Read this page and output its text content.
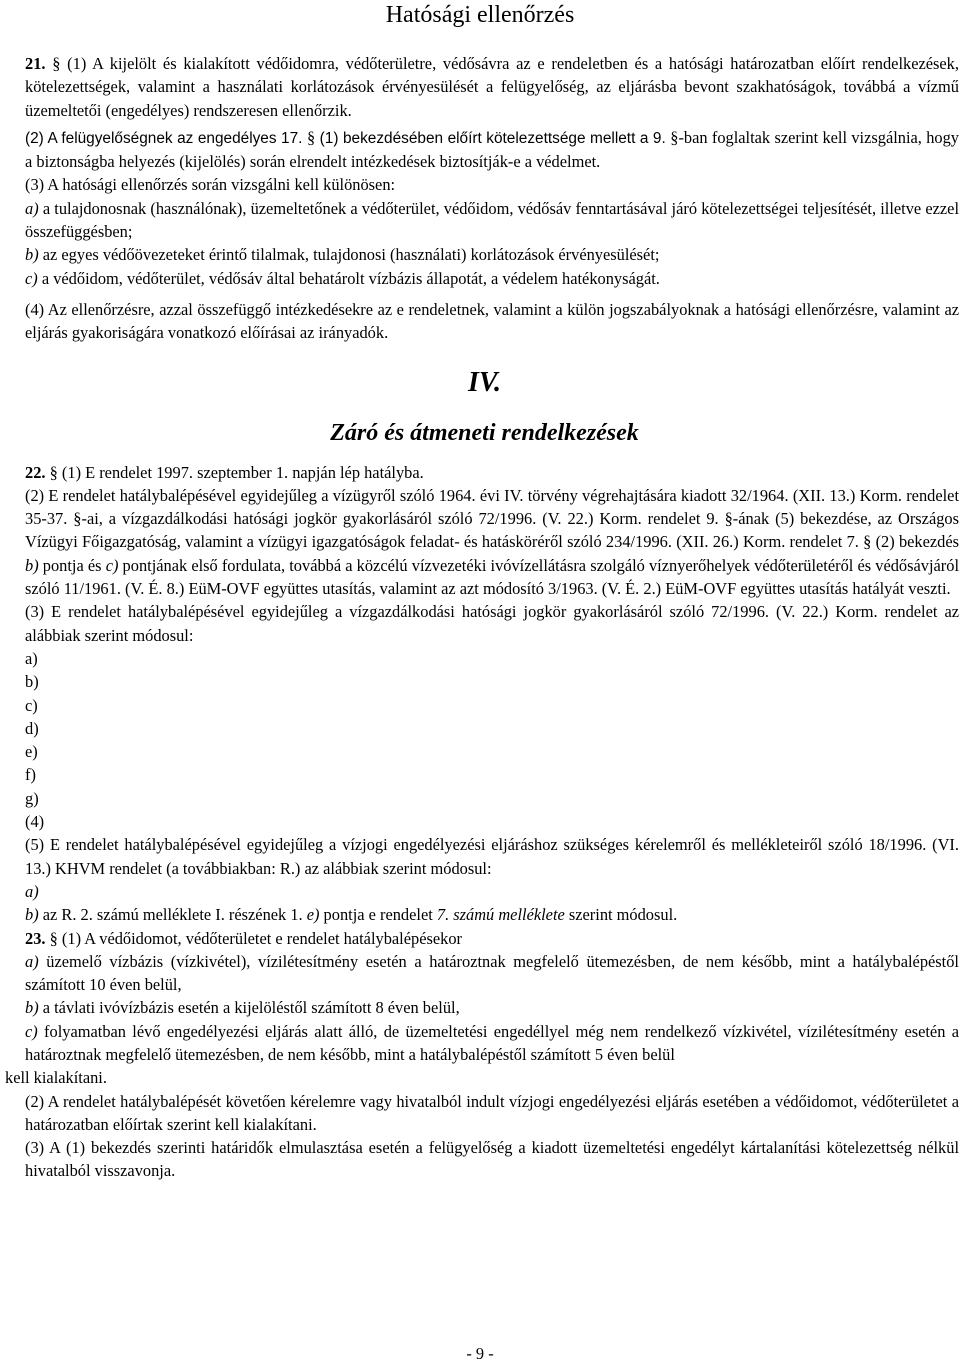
Hatósági ellenőrzés

21. § (1) A kijelölt és kialakított védőidomra, védőterületre, védősávra az e rendeletben és a hatósági határozatban előírt rendelkezések, kötelezettségek, valamint a használati korlátozások érvényesülését a felügyelőség, az eljárásba bevont szakhatóságok, továbbá a vízmű üzemeltetői (engedélyes) rendszeresen ellenőrzik.

(2) A felügyelőségnek az engedélyes 17. § (1) bekezdésében előírt kötelezettsége mellett a 9. §-ban foglaltak szerint kell vizsgálnia, hogy a biztonságba helyezés (kijelölés) során elrendelt intézkedések biztosítják-e a védelmet.

(3) A hatósági ellenőrzés során vizsgálni kell különösen:

a) a tulajdonosnak (használónak), üzemeltetőnek a védőterület, védőidom, védősáv fenntartásával járó kötelezettségei teljesítését, illetve ezzel összefüggésben;

b) az egyes védőövezeteket érintő tilalmak, tulajdonosi (használati) korlátozások érvényesülését;

c) a védőidom, védőterület, védősáv által behatárolt vízbázis állapotát, a védelem hatékonyságát.

(4) Az ellenőrzésre, azzal összefüggő intézkedésekre az e rendeletnek, valamint a külön jogszabályoknak a hatósági ellenőrzésre, valamint az eljárás gyakoriságára vonatkozó előírásai az irányadók.

IV.
Záró és átmeneti rendelkezések

22. § (1) E rendelet 1997. szeptember 1. napján lép hatályba.

(2) E rendelet hatálybalépésével egyidejűleg a vízügyről szóló 1964. évi IV. törvény végrehajtására kiadott 32/1964. (XII. 13.) Korm. rendelet 35-37. §-ai, a vízgazdálkodási hatósági jogkör gyakorlásáról szóló 72/1996. (V. 22.) Korm. rendelet 9. §-ának (5) bekezdése, az Országos Vízügyi Főigazgatóság, valamint a vízügyi igazgatóságok feladat- és hatásköréről szóló 234/1996. (XII. 26.) Korm. rendelet 7. § (2) bekezdés b) pontja és c) pontjának első fordulata, továbbá a közcélú vízvezetéki ivóvízellátásra szolgáló víznyerőhelyek védőterületéről és védősávjáról szóló 11/1961. (V. É. 8.) EüM-OVF együttes utasítás, valamint az azt módosító 3/1963. (V. É. 2.) EüM-OVF együttes utasítás hatályát veszti.

(3) E rendelet hatálybalépésével egyidejűleg a vízgazdálkodási hatósági jogkör gyakorlásáról szóló 72/1996. (V. 22.) Korm. rendelet az alábbiak szerint módosul:

a)

b)

c)

d)

e)

f)

g)

(4)

(5) E rendelet hatálybalépésével egyidejűleg a vízjogi engedélyezési eljáráshoz szükséges kérelemről és mellékleteiről szóló 18/1996. (VI. 13.) KHVM rendelet (a továbbiakban: R.) az alábbiak szerint módosul:

a)

b) az R. 2. számú melléklete I. részének 1. e) pontja e rendelet 7. számú melléklete szerint módosul.

23. § (1) A védőidomot, védőterületet e rendelet hatálybalépésekor

a) üzemelő vízbázis (vízkivétel), vízilétesítmény esetén a határoztnak megfelelő ütemezésben, de nem később, mint a hatálybalépéstől számított 10 éven belül,

b) a távlati ivóvízbázis esetén a kijelöléstől számított 8 éven belül,

c) folyamatban lévő engedélyezési eljárás alatt álló, de üzemeltetési engedéllyel még nem rendelkező vízkivétel, vízilétesítmény esetén a határoztnak megfelelő ütemezésben, de nem később, mint a hatálybalépéstől számított 5 éven belül

kell kialakítani.

(2) A rendelet hatálybalépését követően kérelemre vagy hivatalból indult vízjogi engedélyezési eljárás esetében a védőidomot, védőterületet a határozatban előírtak szerint kell kialakítani.

(3) A (1) bekezdés szerinti határidők elmulasztása esetén a felügyelőség a kiadott üzemeltetési engedélyt kártalanítási kötelezettség nélkül hivatalból visszavonja.

- 9 -
